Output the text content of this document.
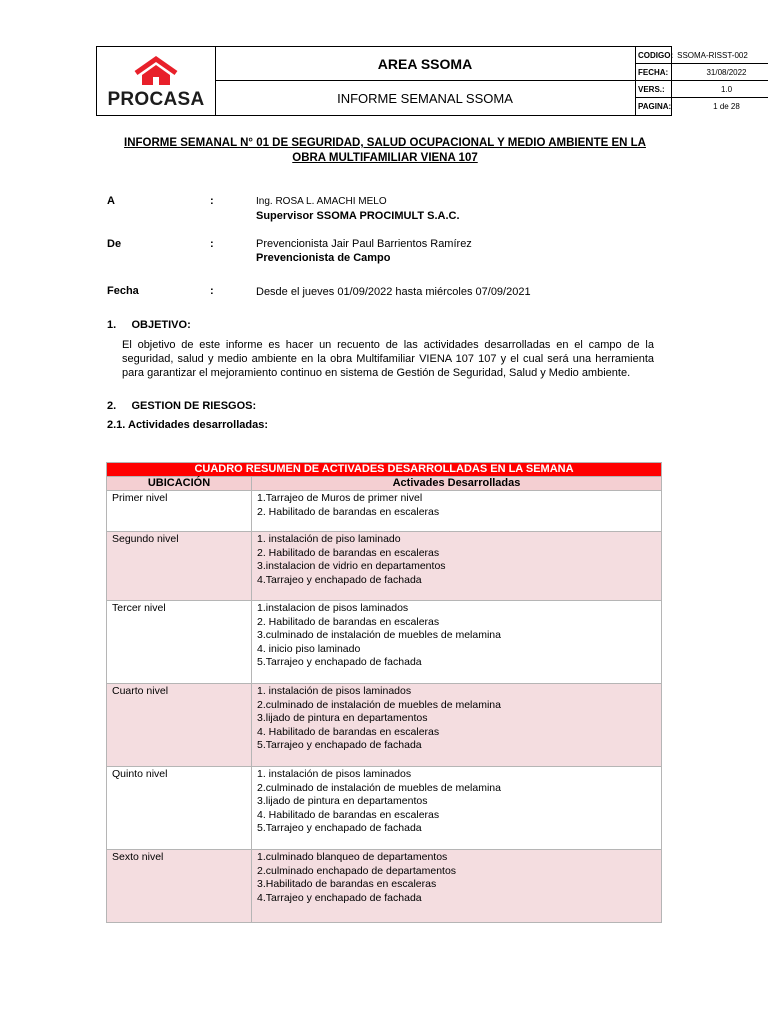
PROCASA
AREA SSOMA
INFORME SEMANAL SSOMA
CODIGO: SSOMA-RISST-002
FECHA:	31/08/2022
VERS.:	1.0
PAGINA:	1 de 28
INFORME SEMANAL N° 01 DE SEGURIDAD, SALUD OCUPACIONAL Y MEDIO AMBIENTE EN LA
OBRA MULTIFAMILIAR VIENA 107
A	:	Ing. ROSA L. AMACHI MELO
Supervisor SSOMA PROCIMULT S.A.C.
De	:	Prevencionista Jair Paul Barrientos Ramírez
Prevencionista de Campo
Fecha	:	Desde el jueves 01/09/2022 hasta miércoles 07/09/2021
1.     OBJETIVO:
El objetivo de este informe es hacer un recuento de las actividades desarrolladas en el campo de la seguridad, salud y medio ambiente en la obra Multifamiliar VIENA 107 107 y el cual será una herramienta para garantizar el mejoramiento continuo en sistema de Gestión de Seguridad, Salud y Medio ambiente.
2.     GESTION DE RIESGOS:
2.1. Actividades desarrolladas:
CUADRO RESUMEN DE ACTIVADES DESARROLLADAS EN LA SEMANA	
UBICACIÓN	Activades Desarrolladas
Primer nivel	1.Tarrajeo de Muros de primer nivel
2. Habilitado de barandas en escaleras

Segundo nivel	1. instalación de piso laminado
2. Habilitado de barandas en escaleras
3.instalacion de vidrio en departamentos
4.Tarrajeo y enchapado de fachada

Tercer nivel	1.instalacion de pisos laminados
2. Habilitado de barandas en escaleras
3.culminado de instalación de muebles de melamina
4. inicio piso laminado
5.Tarrajeo y enchapado de fachada

Cuarto nivel	1. instalación de pisos laminados
2.culminado de instalación de muebles de melamina
3.lijado de pintura en departamentos
4. Habilitado de barandas en escaleras
5.Tarrajeo y enchapado de fachada

Quinto nivel	1. instalación de pisos laminados
2.culminado de instalación de muebles de melamina
3.lijado de pintura en departamentos
4. Habilitado de barandas en escaleras
5.Tarrajeo y enchapado de fachada

Sexto nivel	1.culminado blanqueo de departamentos
2.culminado enchapado de departamentos
3.Habilitado de barandas en escaleras
4.Tarrajeo y enchapado de fachada
